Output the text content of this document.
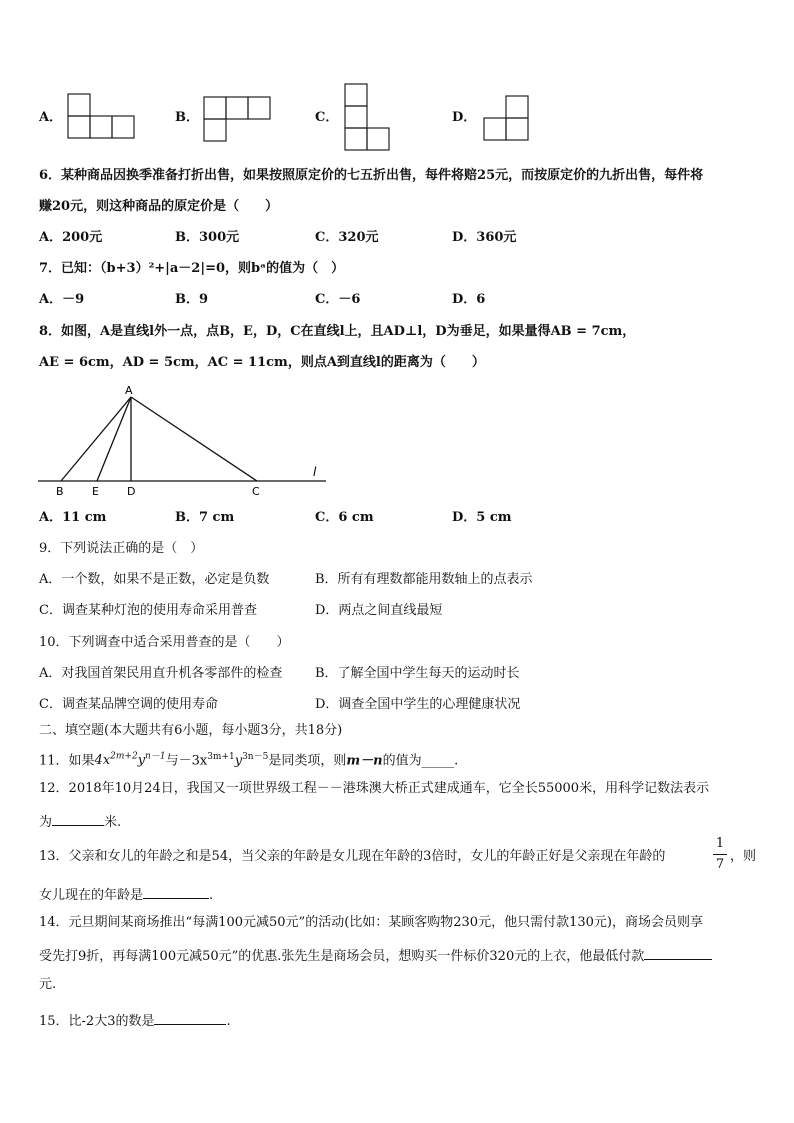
A．	B．	C．	D．
6．某种商品因换季准备打折出售，如果按照原定价的七五折出售，每件将赔25元，而按原定价的九折出售，每件将
赚20元，则这种商品的原定价是（　　）
A．200元	B．300元	C．320元	D．360元
7．已知：（b+3）²+|a－2|=0，则bᵃ的值为（　）
A．－9	B．9	C．－6	D．6
8．如图，A是直线l外一点，点B，E，D，C在直线l上，且AD⊥l，D为垂足，如果量得AB = 7cm，
AE = 6cm，AD = 5cm，AC = 11cm，则点A到直线l的距离为（　　）
A
B	E	D	C
l
A．11 cm	B．7 cm	C．6 cm	D．5 cm
9．下列说法正确的是（　）
A．一个数，如果不是正数，必定是负数	B．所有有理数都能用数轴上的点表示
C．调查某种灯泡的使用寿命采用普查	D．两点之间直线最短
10．下列调查中适合采用普查的是（　　）
A．对我国首架民用直升机各零部件的检查	B．了解全国中学生每天的运动时长
C．调查某品牌空调的使用寿命	D．调查全国中学生的心理健康状况
二、填空题(本大题共有6小题，每小题3分，共18分)
11．如果$4x^{2m+2}y^{n-1}$与$-3x^{3m+1}y^{3n-5}$是同类项，则m－n的值为_____.
12．2018年10月24日，我国又一项世界级工程－－港珠澳大桥正式建成通车，它全长55000米，用科学记数法表示
为	米.
13．父亲和女儿的年龄之和是54，当父亲的年龄是女儿现在年龄的3倍时，女儿的年龄正好是父亲现在年龄的
1
7
，则
女儿现在的年龄是	.
14．元旦期间某商场推出“每满100元减50元”的活动(比如：某顾客购物230元，他只需付款130元)，商场会员则享
受先打9折，再每满100元减50元”的优惠.张先生是商场会员，想购买一件标价320元的上衣，他最低付款
元.
15．比-2大3的数是	.
